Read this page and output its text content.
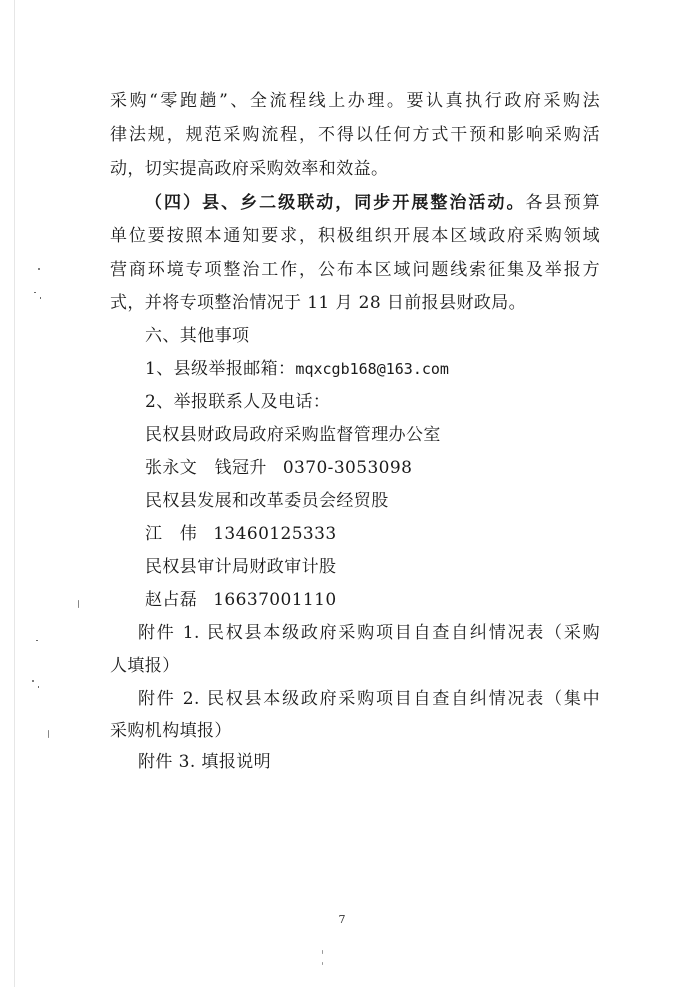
采购“零跑趟”、全流程线上办理。要认真执行政府采购法
律法规，规范采购流程，不得以任何方式干预和影响采购活
动，切实提高政府采购效率和效益。
（四）县、乡二级联动，同步开展整治活动。各县预算
单位要按照本通知要求，积极组织开展本区域政府采购领域
营商环境专项整治工作，公布本区域问题线索征集及举报方
式，并将专项整治情况于 11 月 28 日前报县财政局。
六、其他事项
1、县级举报邮箱：mqxcgb168@163.com
2、举报联系人及电话：
民权县财政局政府采购监督管理办公室
张永文　钱冠升 0370-3053098
民权县发展和改革委员会经贸股
江　伟 13460125333
民权县审计局财政审计股
赵占磊 16637001110
附件 1. 民权县本级政府采购项目自查自纠情况表（采购
人填报）
附件 2. 民权县本级政府采购项目自查自纠情况表（集中
采购机构填报）
附件 3. 填报说明
7
